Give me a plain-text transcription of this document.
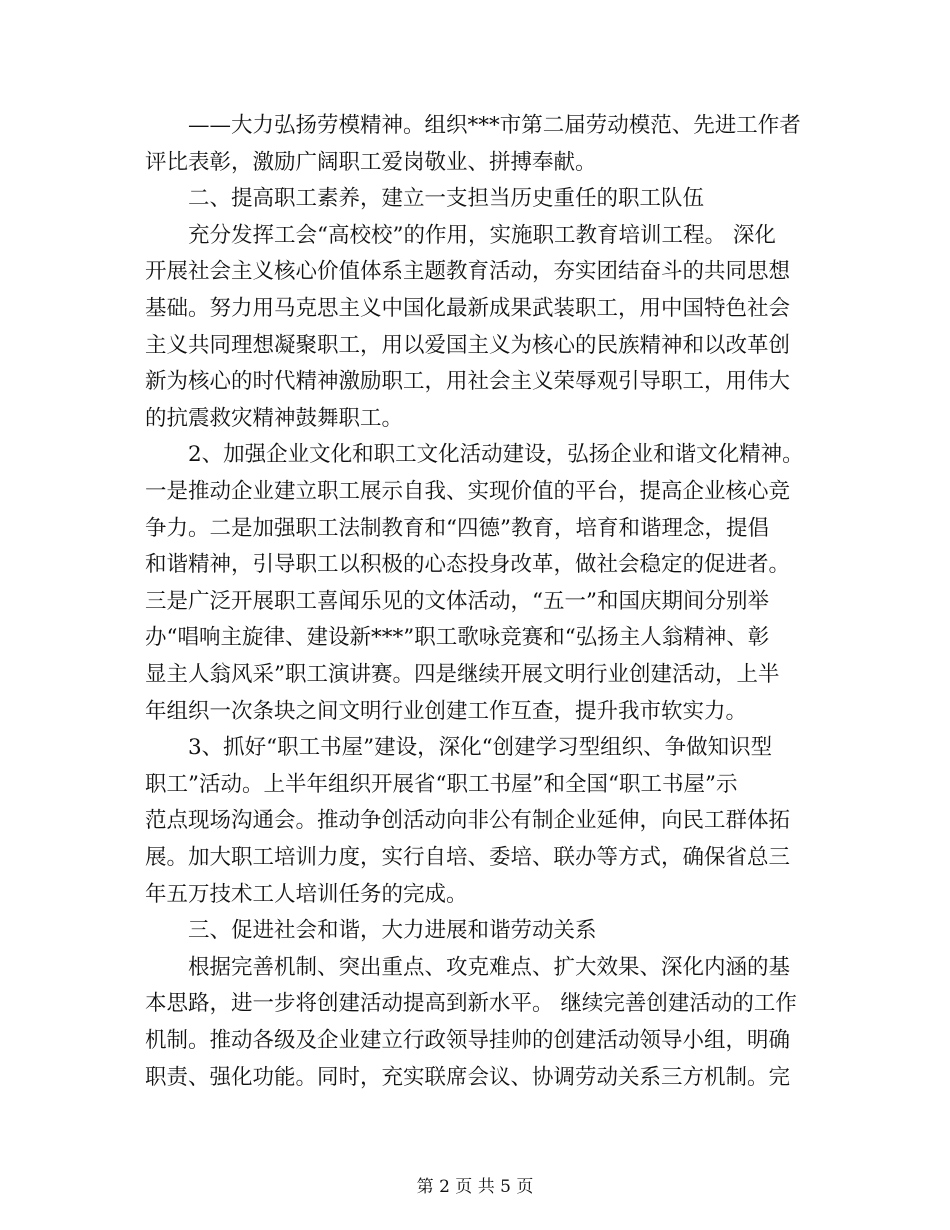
——大力弘扬劳模精神。组织***市第二届劳动模范、先进工作者
评比表彰，激励广阔职工爱岗敬业、拼搏奉献。
二、提高职工素养，建立一支担当历史重任的职工队伍
充分发挥工会“高校校”的作用，实施职工教育培训工程。 深化
开展社会主义核心价值体系主题教育活动，夯实团结奋斗的共同思想
基础。努力用马克思主义中国化最新成果武装职工，用中国特色社会
主义共同理想凝聚职工，用以爱国主义为核心的民族精神和以改革创
新为核心的时代精神激励职工，用社会主义荣辱观引导职工，用伟大
的抗震救灾精神鼓舞职工。
2、加强企业文化和职工文化活动建设，弘扬企业和谐文化精神。
一是推动企业建立职工展示自我、实现价值的平台，提高企业核心竞
争力。二是加强职工法制教育和“四德”教育，培育和谐理念，提倡
和谐精神，引导职工以积极的心态投身改革，做社会稳定的促进者。
三是广泛开展职工喜闻乐见的文体活动，“五一”和国庆期间分别举
办“唱响主旋律、建设新***”职工歌咏竞赛和“弘扬主人翁精神、彰
显主人翁风采”职工演讲赛。四是继续开展文明行业创建活动，上半
年组织一次条块之间文明行业创建工作互查，提升我市软实力。
3、抓好“职工书屋”建设，深化“创建学习型组织、争做知识型
职工”活动。上半年组织开展省“职工书屋”和全国“职工书屋”示
范点现场沟通会。推动争创活动向非公有制企业延伸，向民工群体拓
展。加大职工培训力度，实行自培、委培、联办等方式，确保省总三
年五万技术工人培训任务的完成。
三、促进社会和谐，大力进展和谐劳动关系
根据完善机制、突出重点、攻克难点、扩大效果、深化内涵的基
本思路，进一步将创建活动提高到新水平。 继续完善创建活动的工作
机制。推动各级及企业建立行政领导挂帅的创建活动领导小组，明确
职责、强化功能。同时，充实联席会议、协调劳动关系三方机制。完
第 2 页 共 5 页
